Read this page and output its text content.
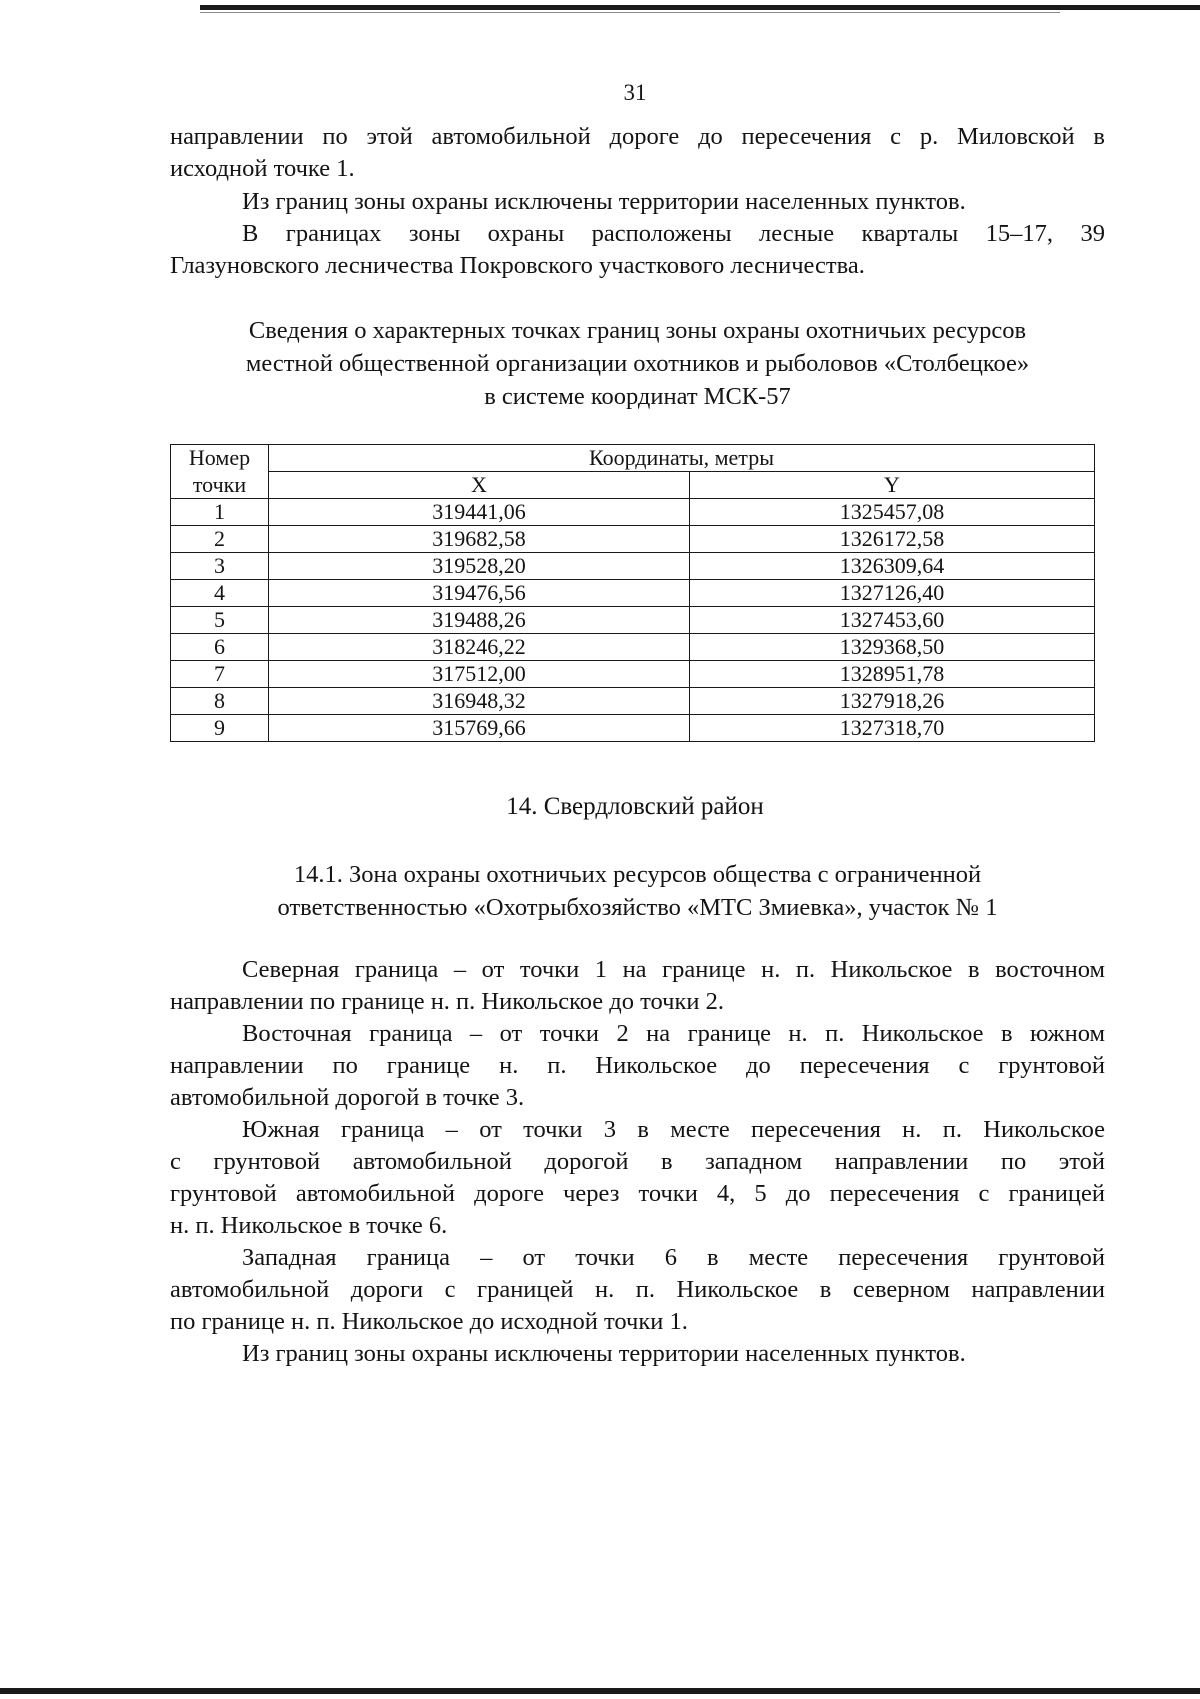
31

направлении по этой автомобильной дороге до пересечения с р. Миловской в
исходной точке 1.

Из границ зоны охраны исключены территории населенных пунктов.

В границах зоны охраны расположены лесные кварталы 15–17, 39
Глазуновского лесничества Покровского участкового лесничества.

Сведения о характерных точках границ зоны охраны охотничьих ресурсов
местной общественной организации охотников и рыболовов «Столбецкое»
в системе координат МСК-57

Номер	Координаты, метры	
точки	X	Y
1	319441,06	1325457,08
2	319682,58	1326172,58
3	319528,20	1326309,64
4	319476,56	1327126,40
5	319488,26	1327453,60
6	318246,22	1329368,50
7	317512,00	1328951,78
8	316948,32	1327918,26
9	315769,66	1327318,70

14. Свердловский район

14.1. Зона охраны охотничьих ресурсов общества с ограниченной
ответственностью «Охотрыбхозяйство «МТС Змиевка», участок № 1

Северная граница – от точки 1 на границе н. п. Никольское в восточном
направлении по границе н. п. Никольское до точки 2.

Восточная граница – от точки 2 на границе н. п. Никольское в южном
направлении по границе н. п. Никольское до пересечения с грунтовой
автомобильной дорогой в точке 3.

Южная граница – от точки 3 в месте пересечения н. п. Никольское
с грунтовой автомобильной дорогой в западном направлении по этой
грунтовой автомобильной дороге через точки 4, 5 до пересечения с границей
н. п. Никольское в точке 6.

Западная граница – от точки 6 в месте пересечения грунтовой
автомобильной дороги с границей н. п. Никольское в северном направлении
по границе н. п. Никольское до исходной точки 1.

Из границ зоны охраны исключены территории населенных пунктов.
